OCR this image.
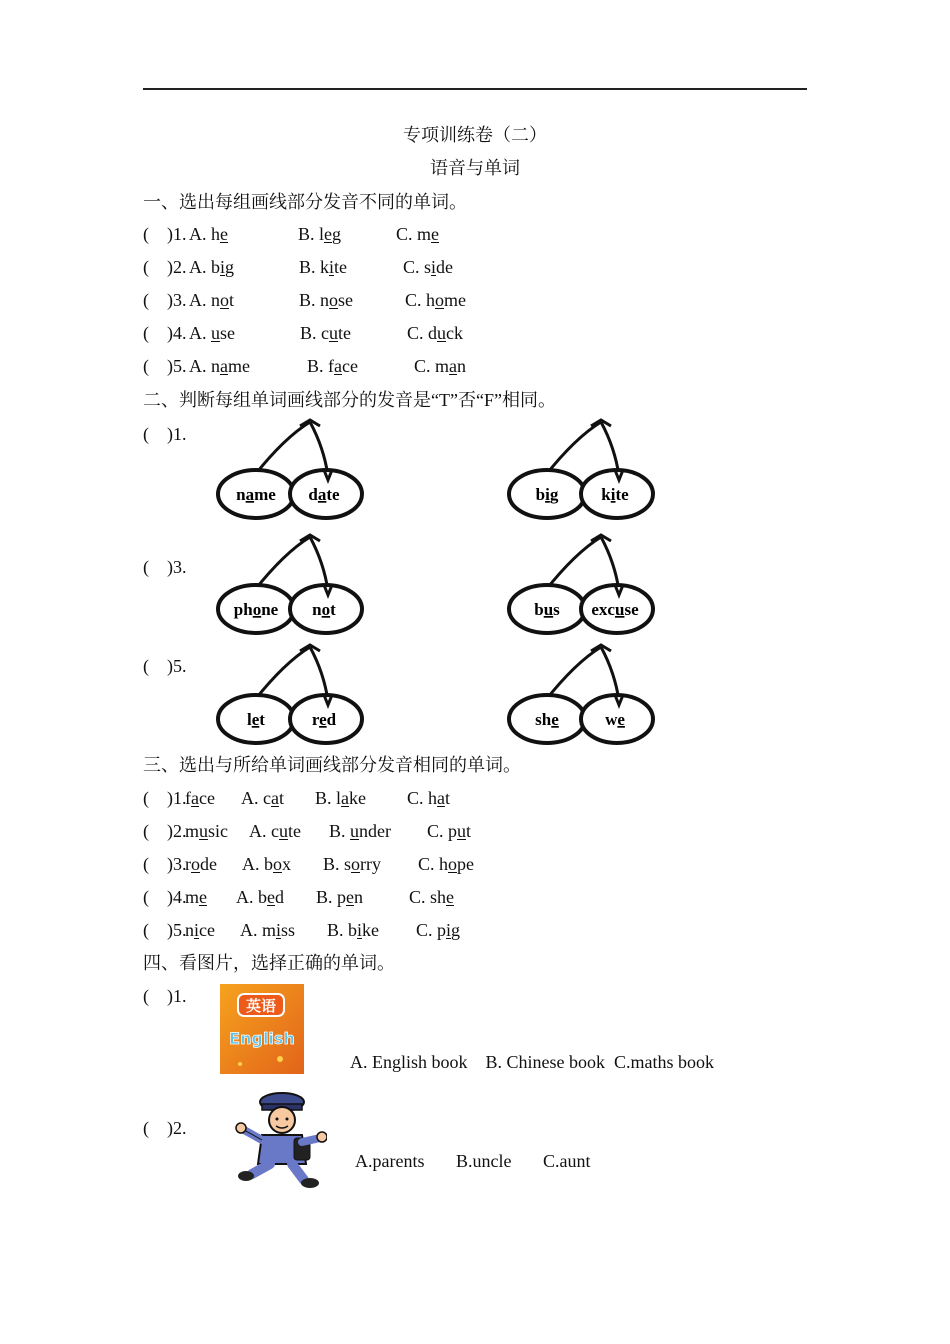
专项训练卷（二）
语音与单词
一、选出每组画线部分发音不同的单词。
(    )1. A. he	B. leg	C. me
(    )2. A. big	B. kite	C. side
(    )3. A. not	B. nose	C. home
(    )4. A. use	B. cute	C. duck
(    )5. A. name	B. face	C. man
二、判断每组单词画线部分的发音是“T”否“F”相同。
(    )1.
name date	big	kite
(    )3.
phone not	bus excuse
(    )5.
let	red	she	we
三、选出与所给单词画线部分发音相同的单词。
(    )1.
face A. cat B. lake C. hat
(    )2.
music A. cute B. under C. put
(    )3.
rode A. box B. sorry C. hope
(    )4.
me A. bed B. pen	C. she
(    )5.
nice A. miss B. bike C. pig
四、看图片，选择正确的单词。
(    )1.	英语
English
A. English book    B. Chinese book  C.maths book
(    )2.
A.parents       B.uncle       C.aunt
